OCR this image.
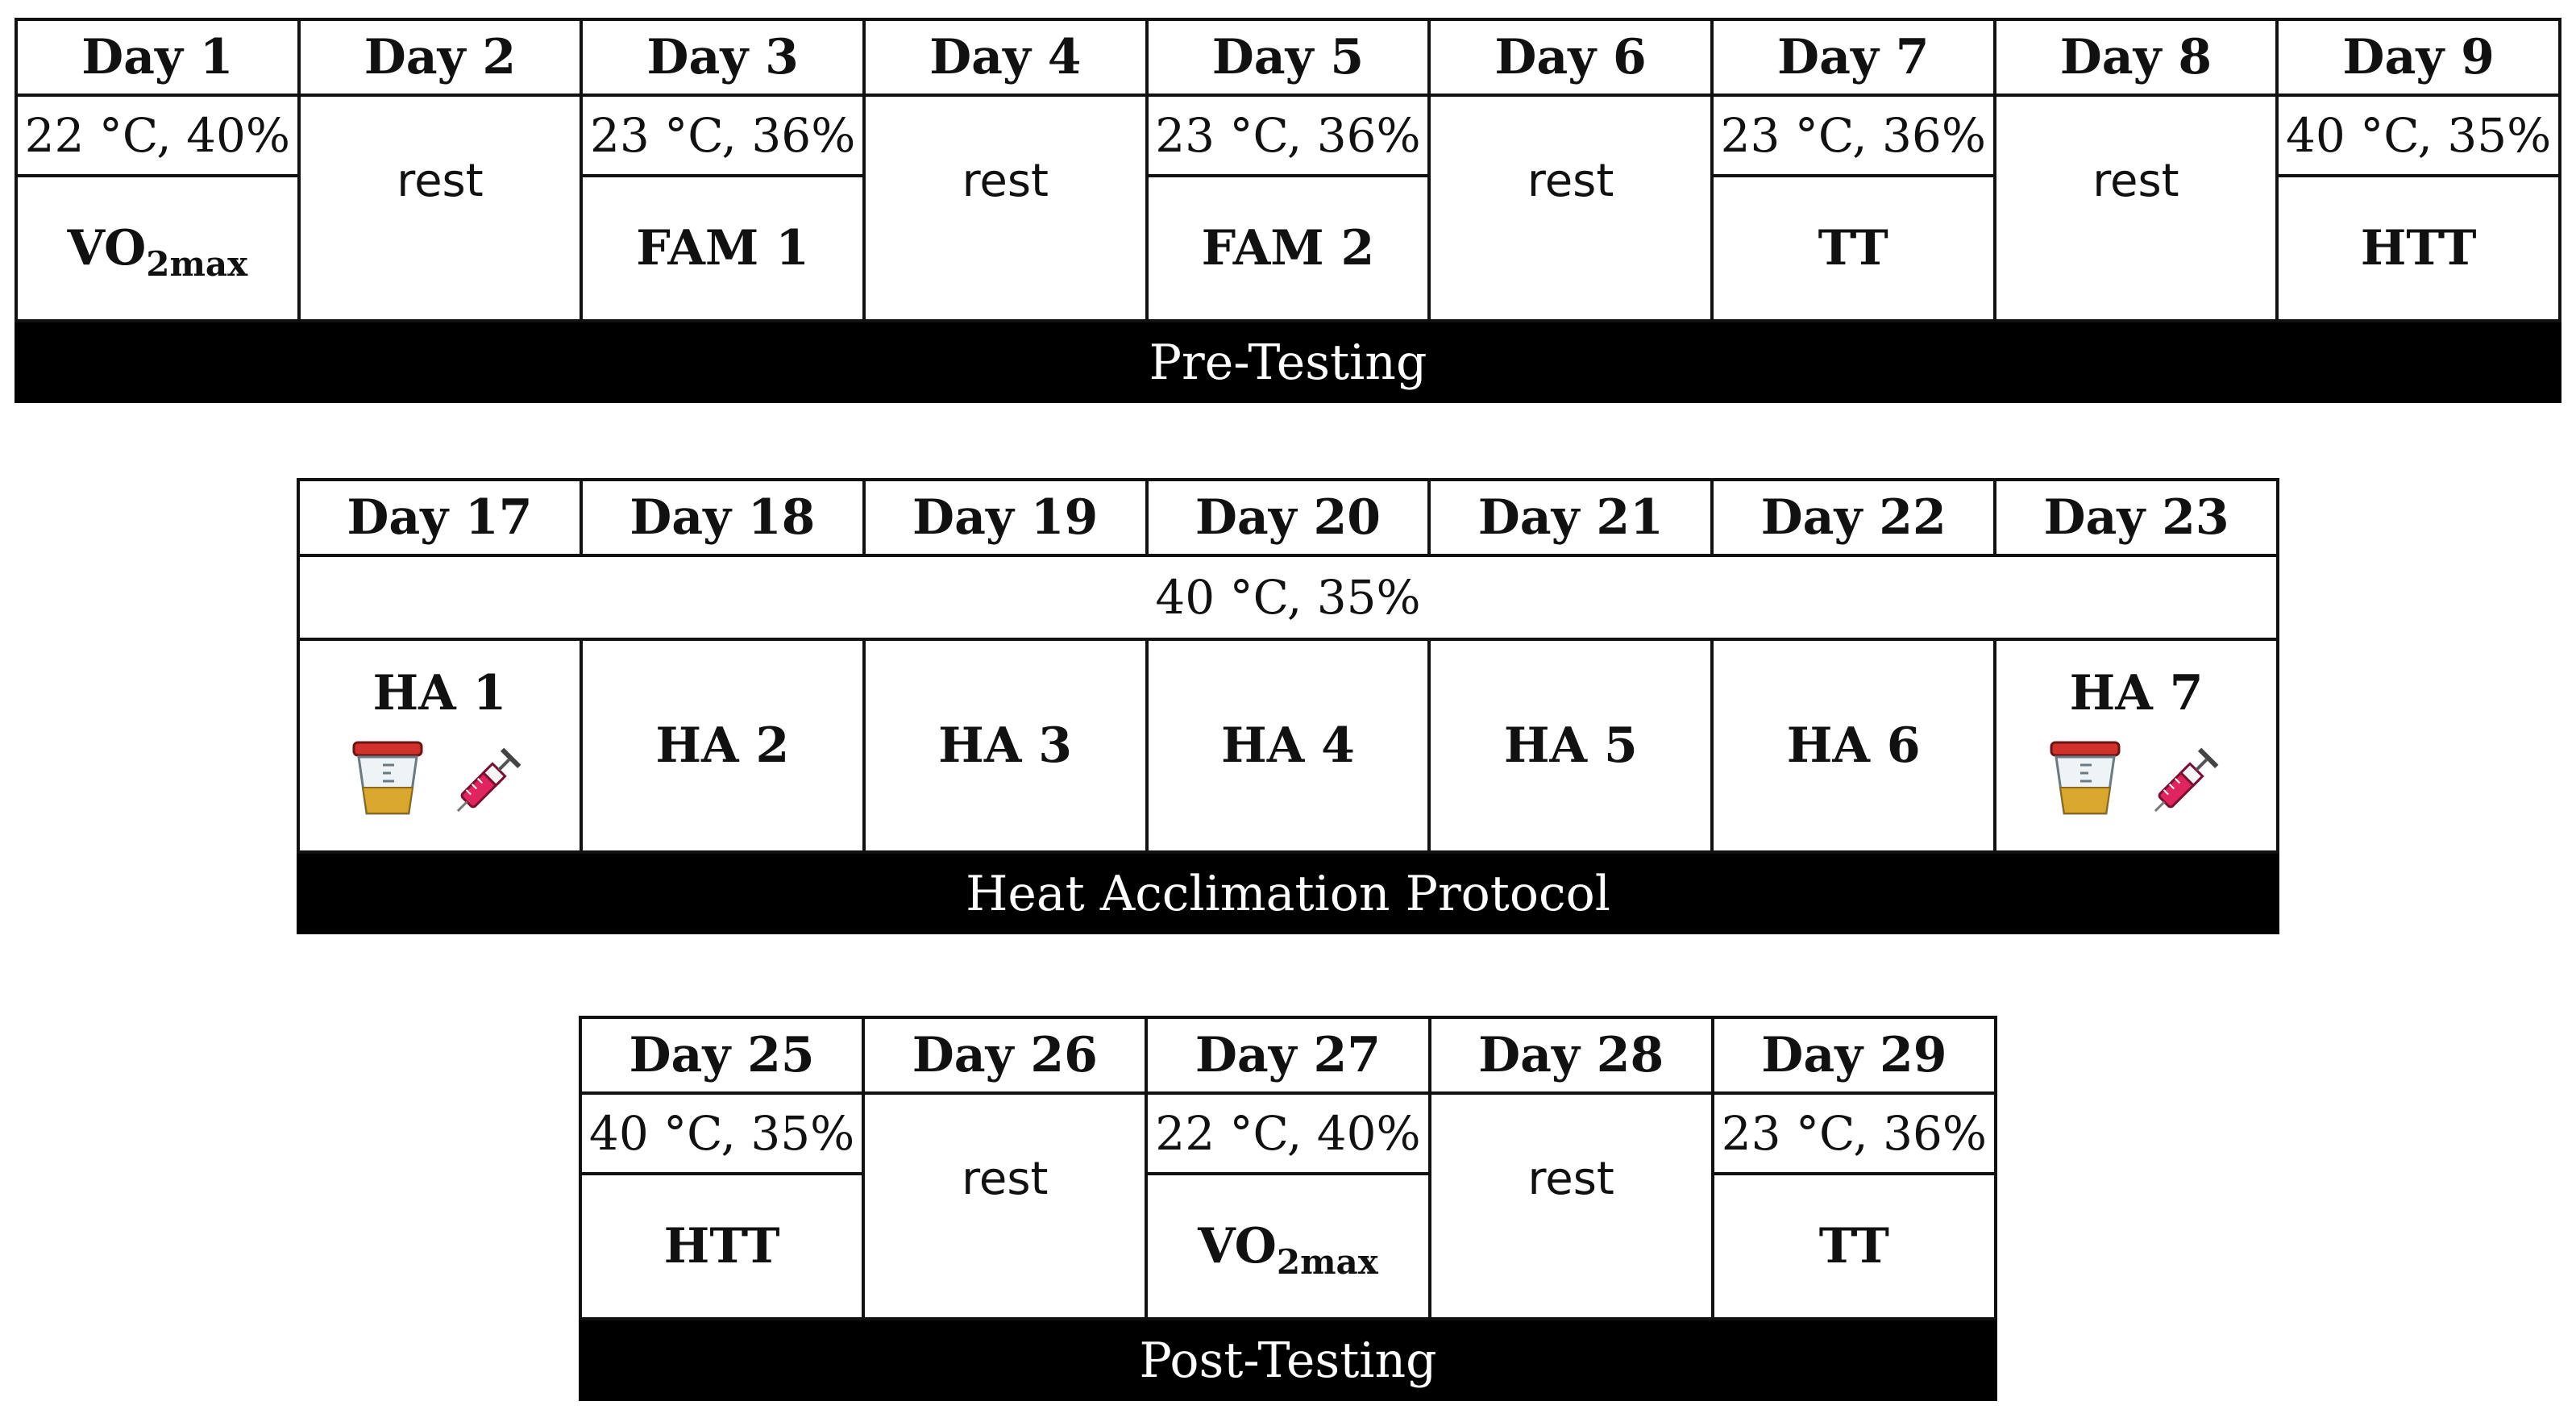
Day 1	Day 2	Day 3	Day 4	Day 5	Day 6	Day 7	Day 8	Day 9
22 °C, 40%	rest	23 °C, 36%	rest	23 °C, 36%	rest	23 °C, 36%	rest	40 °C, 35%
$VO_{2max}$		FAM 1		FAM 2		TT		HTT
Pre-Testing
Day 17	Day 18	Day 19	Day 20	Day 21	Day 22	Day 23
40 °C, 35%						

HA 1	HA 2	HA 3	HA 4	HA 5	HA 6	HA 7
Heat Acclimation Protocol
Day 25	Day 26	Day 27	Day 28	Day 29
40 °C, 35%	rest	22 °C, 40%	rest	23 °C, 36%
HTT		$VO_{2max}$		TT
Post-Testing
